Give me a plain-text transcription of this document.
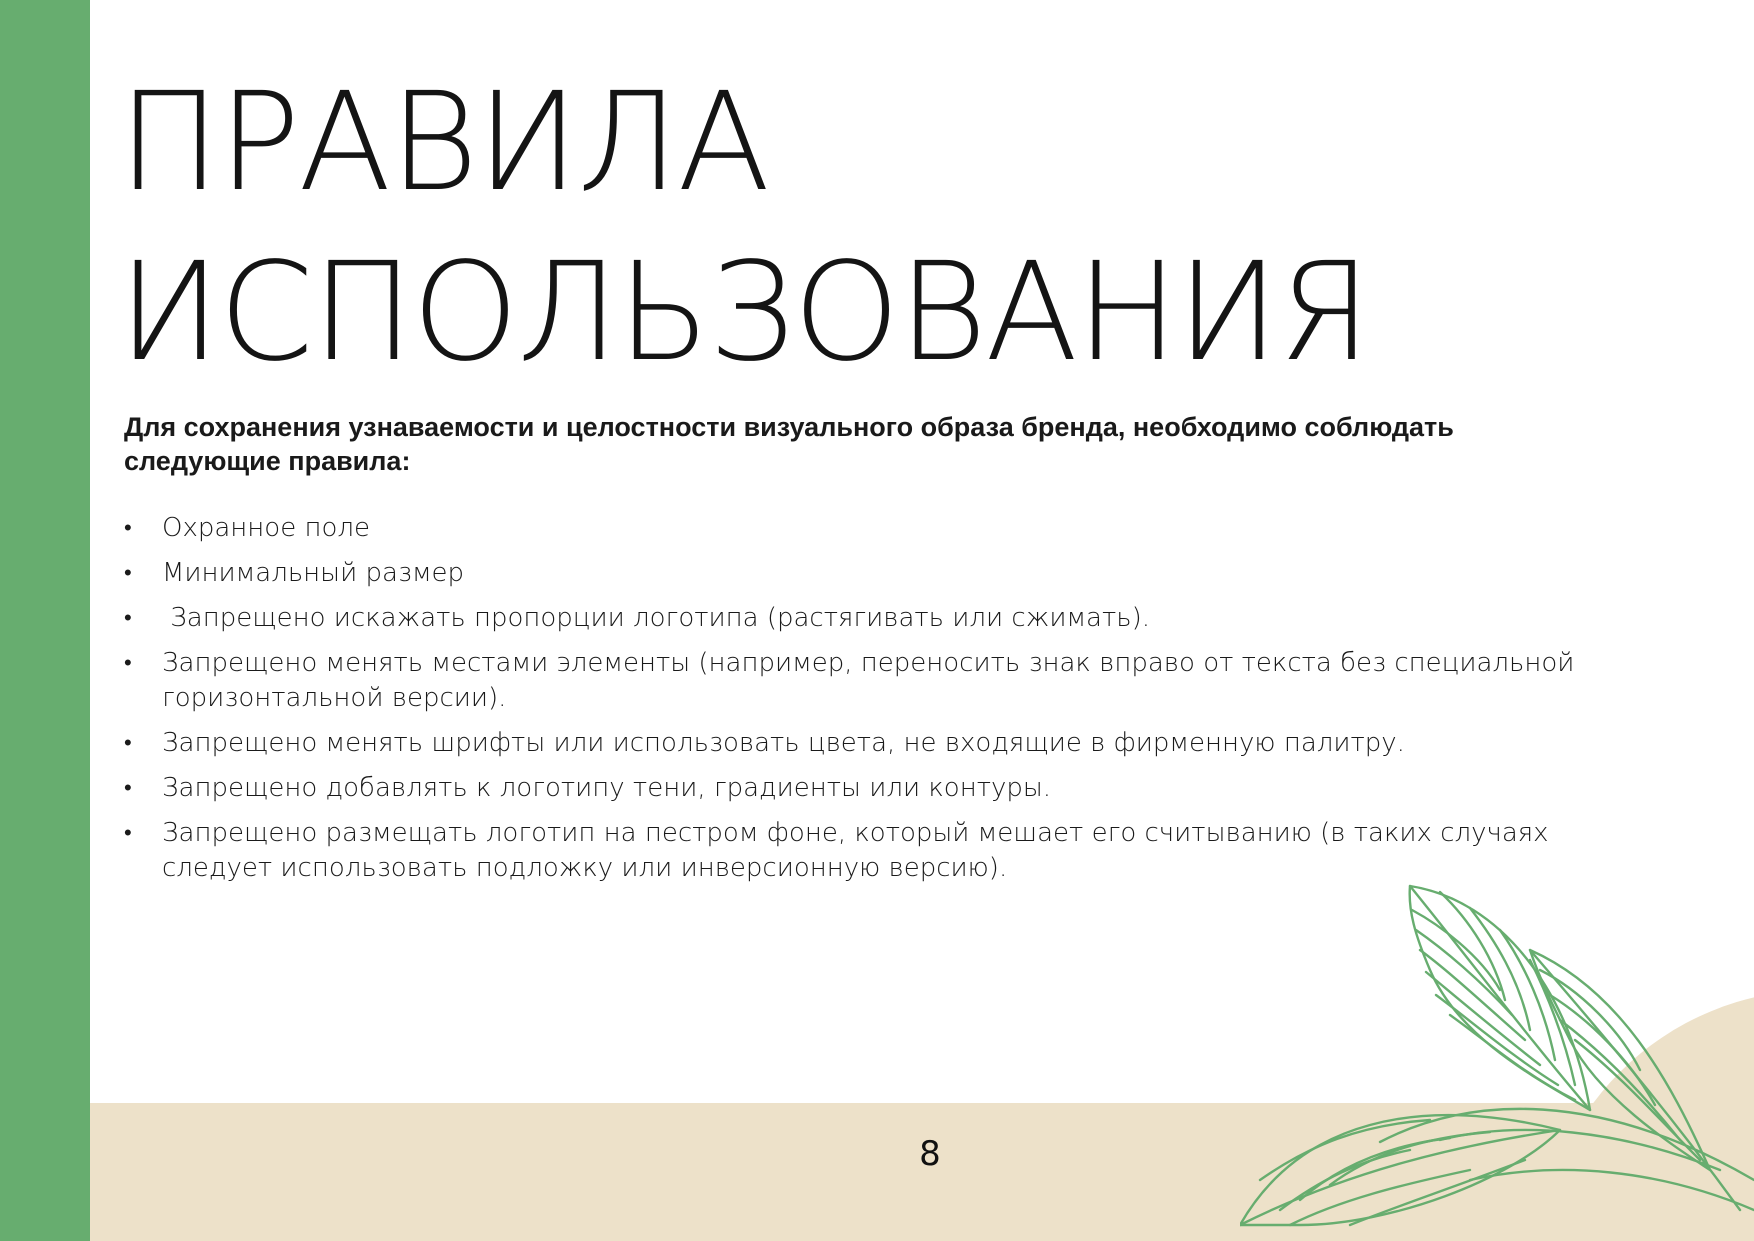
ПРАВИЛА
ИСПОЛЬЗОВАНИЯ

Для сохранения узнаваемости и целостности визуального образа бренда, необходимо соблюдать следующие правила:

• Охранное поле
• Минимальный размер
• Запрещено искажать пропорции логотипа (растягивать или сжимать).
• Запрещено менять местами элементы (например, переносить знак вправо от текста без специальной горизонтальной версии).
• Запрещено менять шрифты или использовать цвета, не входящие в фирменную палитру.
• Запрещено добавлять к логотипу тени, градиенты или контуры.
• Запрещено размещать логотип на пестром фоне, который мешает его считыванию (в таких случаях следует использовать подложку или инверсионную версию).
8
